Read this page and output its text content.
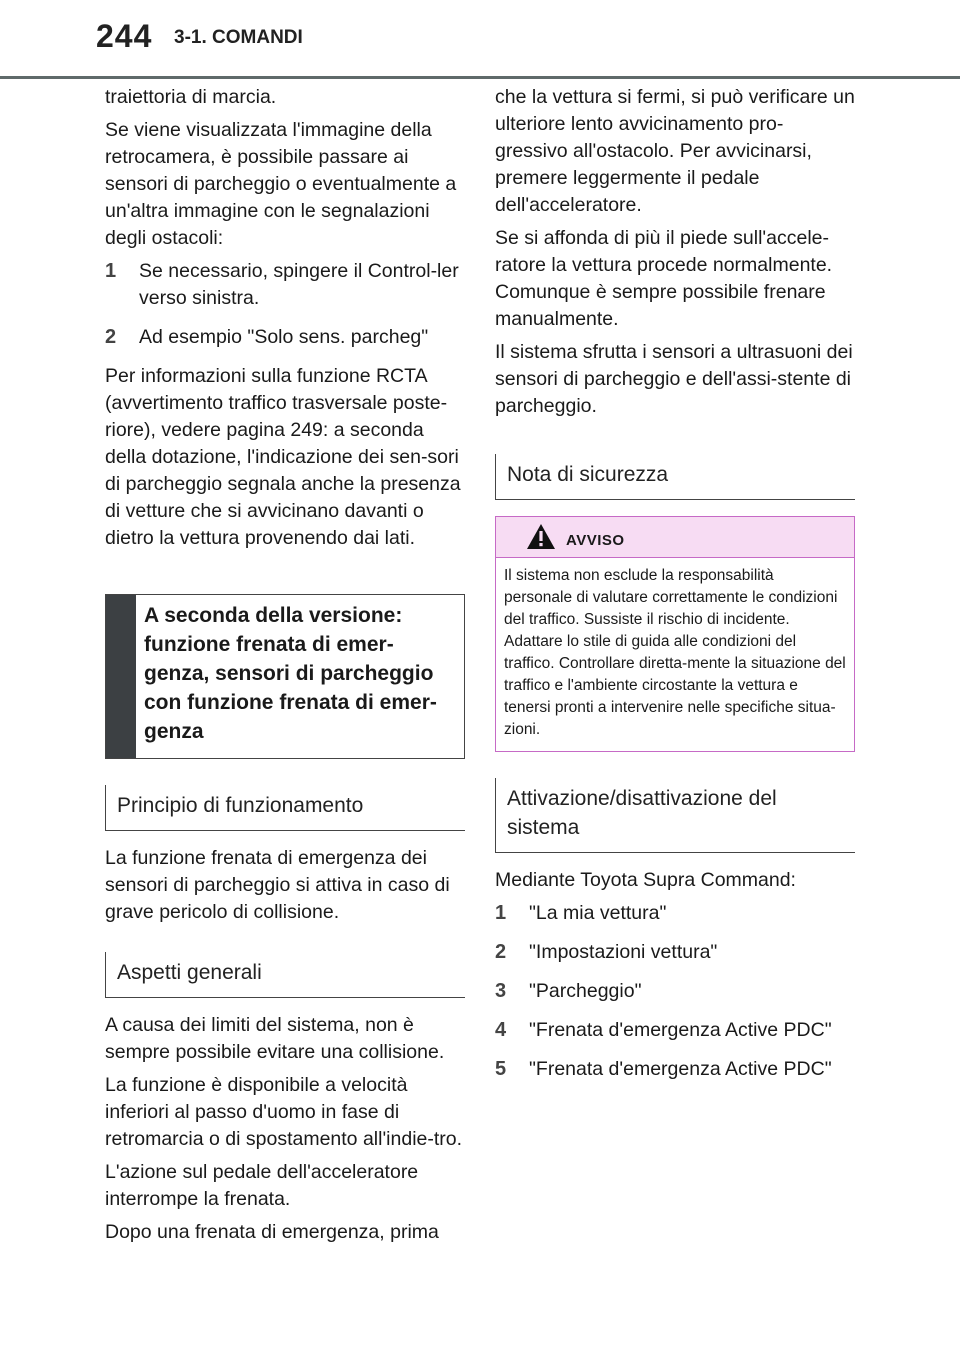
244 3-1. COMANDI

traiettoria di marcia.

Se viene visualizzata l'immagine della retrocamera, è possibile passare ai sensori di parcheggio o eventualmente a un'altra immagine con le segnalazioni degli ostacoli:

1	Se necessario, spingere il Control-ler verso sinistra.
2	Ad esempio "Solo sens. parcheg"

Per informazioni sulla funzione RCTA (avvertimento traffico trasversale poste-riore), vedere pagina 249: a seconda della dotazione, l'indicazione dei sen-sori di parcheggio segnala anche la presenza di vetture che si avvicinano davanti o dietro la vettura provenendo dai lati.

A seconda della versione: funzione frenata di emer-genza, sensori di parcheggio con funzione frenata di emer-genza
Principio di funzionamento

La funzione frenata di emergenza dei sensori di parcheggio si attiva in caso di grave pericolo di collisione.

Aspetti generali

A causa dei limiti del sistema, non è sempre possibile evitare una collisione.

La funzione è disponibile a velocità inferiori al passo d'uomo in fase di retromarcia o di spostamento all'indie-tro.

L'azione sul pedale dell'acceleratore interrompe la frenata.

Dopo una frenata di emergenza, prima

che la vettura si fermi, si può verificare un ulteriore lento avvicinamento pro-gressivo all'ostacolo. Per avvicinarsi, premere leggermente il pedale dell'acceleratore.

Se si affonda di più il piede sull'accele-ratore la vettura procede normalmente. Comunque è sempre possibile frenare manualmente.

Il sistema sfrutta i sensori a ultrasuoni dei sensori di parcheggio e dell'assi-stente di parcheggio.

Nota di sicurezza
AVVISO
Il sistema non esclude la responsabilità personale di valutare correttamente le condizioni del traffico. Sussiste il rischio di incidente. Adattare lo stile di guida alle condizioni del traffico. Controllare diretta-mente la situazione del traffico e l'ambiente circostante la vettura e tenersi pronti a intervenire nelle specifiche situa-zioni.
Attivazione/disattivazione del sistema

Mediante Toyota Supra Command:

1	"La mia vettura"
2	"Impostazioni vettura"
3	"Parcheggio"
4	"Frenata d'emergenza Active PDC"
5	"Frenata d'emergenza Active PDC"
